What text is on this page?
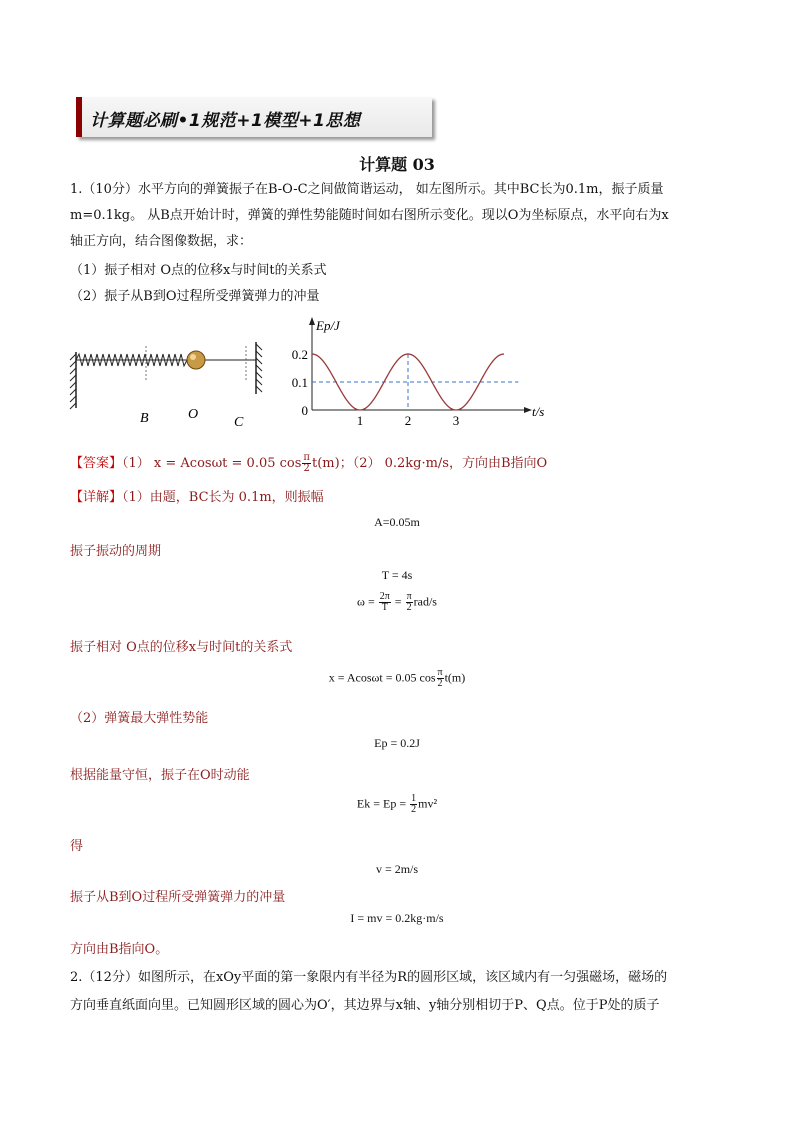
计算题必刷•1规范+1模型+1思想
计算题 03
1.（10分）水平方向的弹簧振子在B-O-C之间做简谐运动， 如左图所示。其中BC长为0.1m，振子质量
m=0.1kg。 从B点开始计时，弹簧的弹性势能随时间如右图所示变化。现以O为坐标原点，水平向右为x
轴正方向，结合图像数据，求：
（1）振子相对 O点的位移x与时间t的关系式
（2）振子从B到O过程所受弹簧弹力的冲量
B	O
C
Ep/J
t/s
0
0.1
0.2
1	2	3
【答案】（1） x = Acosωt = 0.05 $\cos \frac{\pi}{2} t(m)$；（2） 0.2kg·m/s，方向由B指向O
【详解】（1）由题，BC长为 0.1m，则振幅
A=0.05m
振子振动的周期
T = 4s
$\omega = \frac{2\pi}{T} = \frac{\pi}{2} rad/s$
振子相对 O点的位移x与时间t的关系式
x = Acosωt = 0.05 $\cos \frac{\pi}{2} t(m)$
（2）弹簧最大弹性势能
Ep = 0.2J
根据能量守恒，振子在O时动能
$Ek = Ep = \frac{1}{2} mv^2$
得
v = 2m/s
振子从B到O过程所受弹簧弹力的冲量
I = mv = 0.2kg·m/s
方向由B指向O。
2.（12分）如图所示，在xOy平面的第一象限内有半径为R的圆形区域，该区域内有一匀强磁场，磁场的
方向垂直纸面向里。已知圆形区域的圆心为O′，其边界与x轴、y轴分别相切于P、Q点。位于P处的质子
